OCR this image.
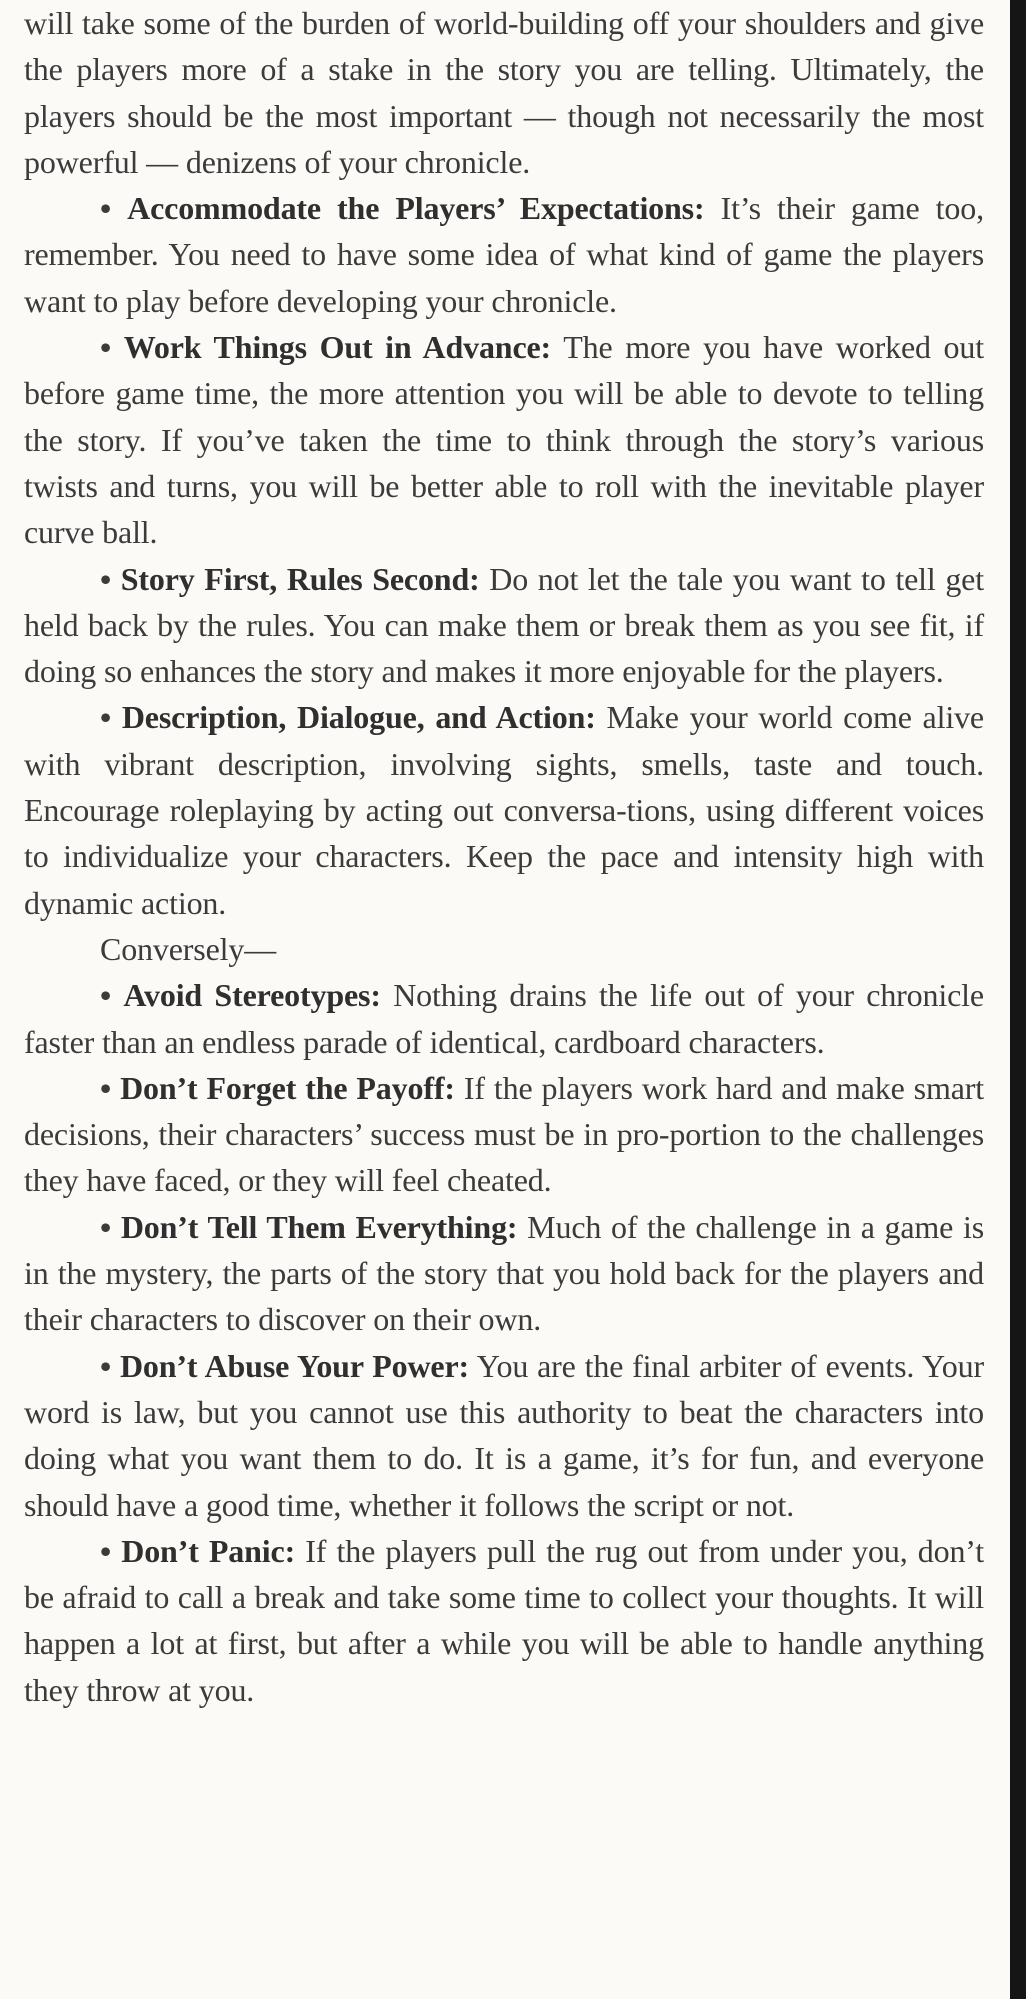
will take some of the burden of world-building off your shoulders and give the players more of a stake in the story you are telling. Ultimately, the players should be the most important — though not necessarily the most powerful — denizens of your chronicle.

• Accommodate the Players’ Expectations: It’s their game too, remember. You need to have some idea of what kind of game the players want to play before developing your chronicle.

• Work Things Out in Advance: The more you have worked out before game time, the more attention you will be able to devote to telling the story. If you’ve taken the time to think through the story’s various twists and turns, you will be better able to roll with the inevitable player curve ball.

• Story First, Rules Second: Do not let the tale you want to tell get held back by the rules. You can make them or break them as you see fit, if doing so enhances the story and makes it more enjoyable for the players.

• Description, Dialogue, and Action: Make your world come alive with vibrant description, involving sights, smells, taste and touch. Encourage roleplaying by acting out conversa-tions, using different voices to individualize your characters. Keep the pace and intensity high with dynamic action.

Conversely—

• Avoid Stereotypes: Nothing drains the life out of your chronicle faster than an endless parade of identical, cardboard characters.

• Don’t Forget the Payoff: If the players work hard and make smart decisions, their characters’ success must be in pro-portion to the challenges they have faced, or they will feel cheated.

• Don’t Tell Them Everything: Much of the challenge in a game is in the mystery, the parts of the story that you hold back for the players and their characters to discover on their own.

• Don’t Abuse Your Power: You are the final arbiter of events. Your word is law, but you cannot use this authority to beat the characters into doing what you want them to do. It is a game, it’s for fun, and everyone should have a good time, whether it follows the script or not.

• Don’t Panic: If the players pull the rug out from under you, don’t be afraid to call a break and take some time to collect your thoughts. It will happen a lot at first, but after a while you will be able to handle anything they throw at you.
